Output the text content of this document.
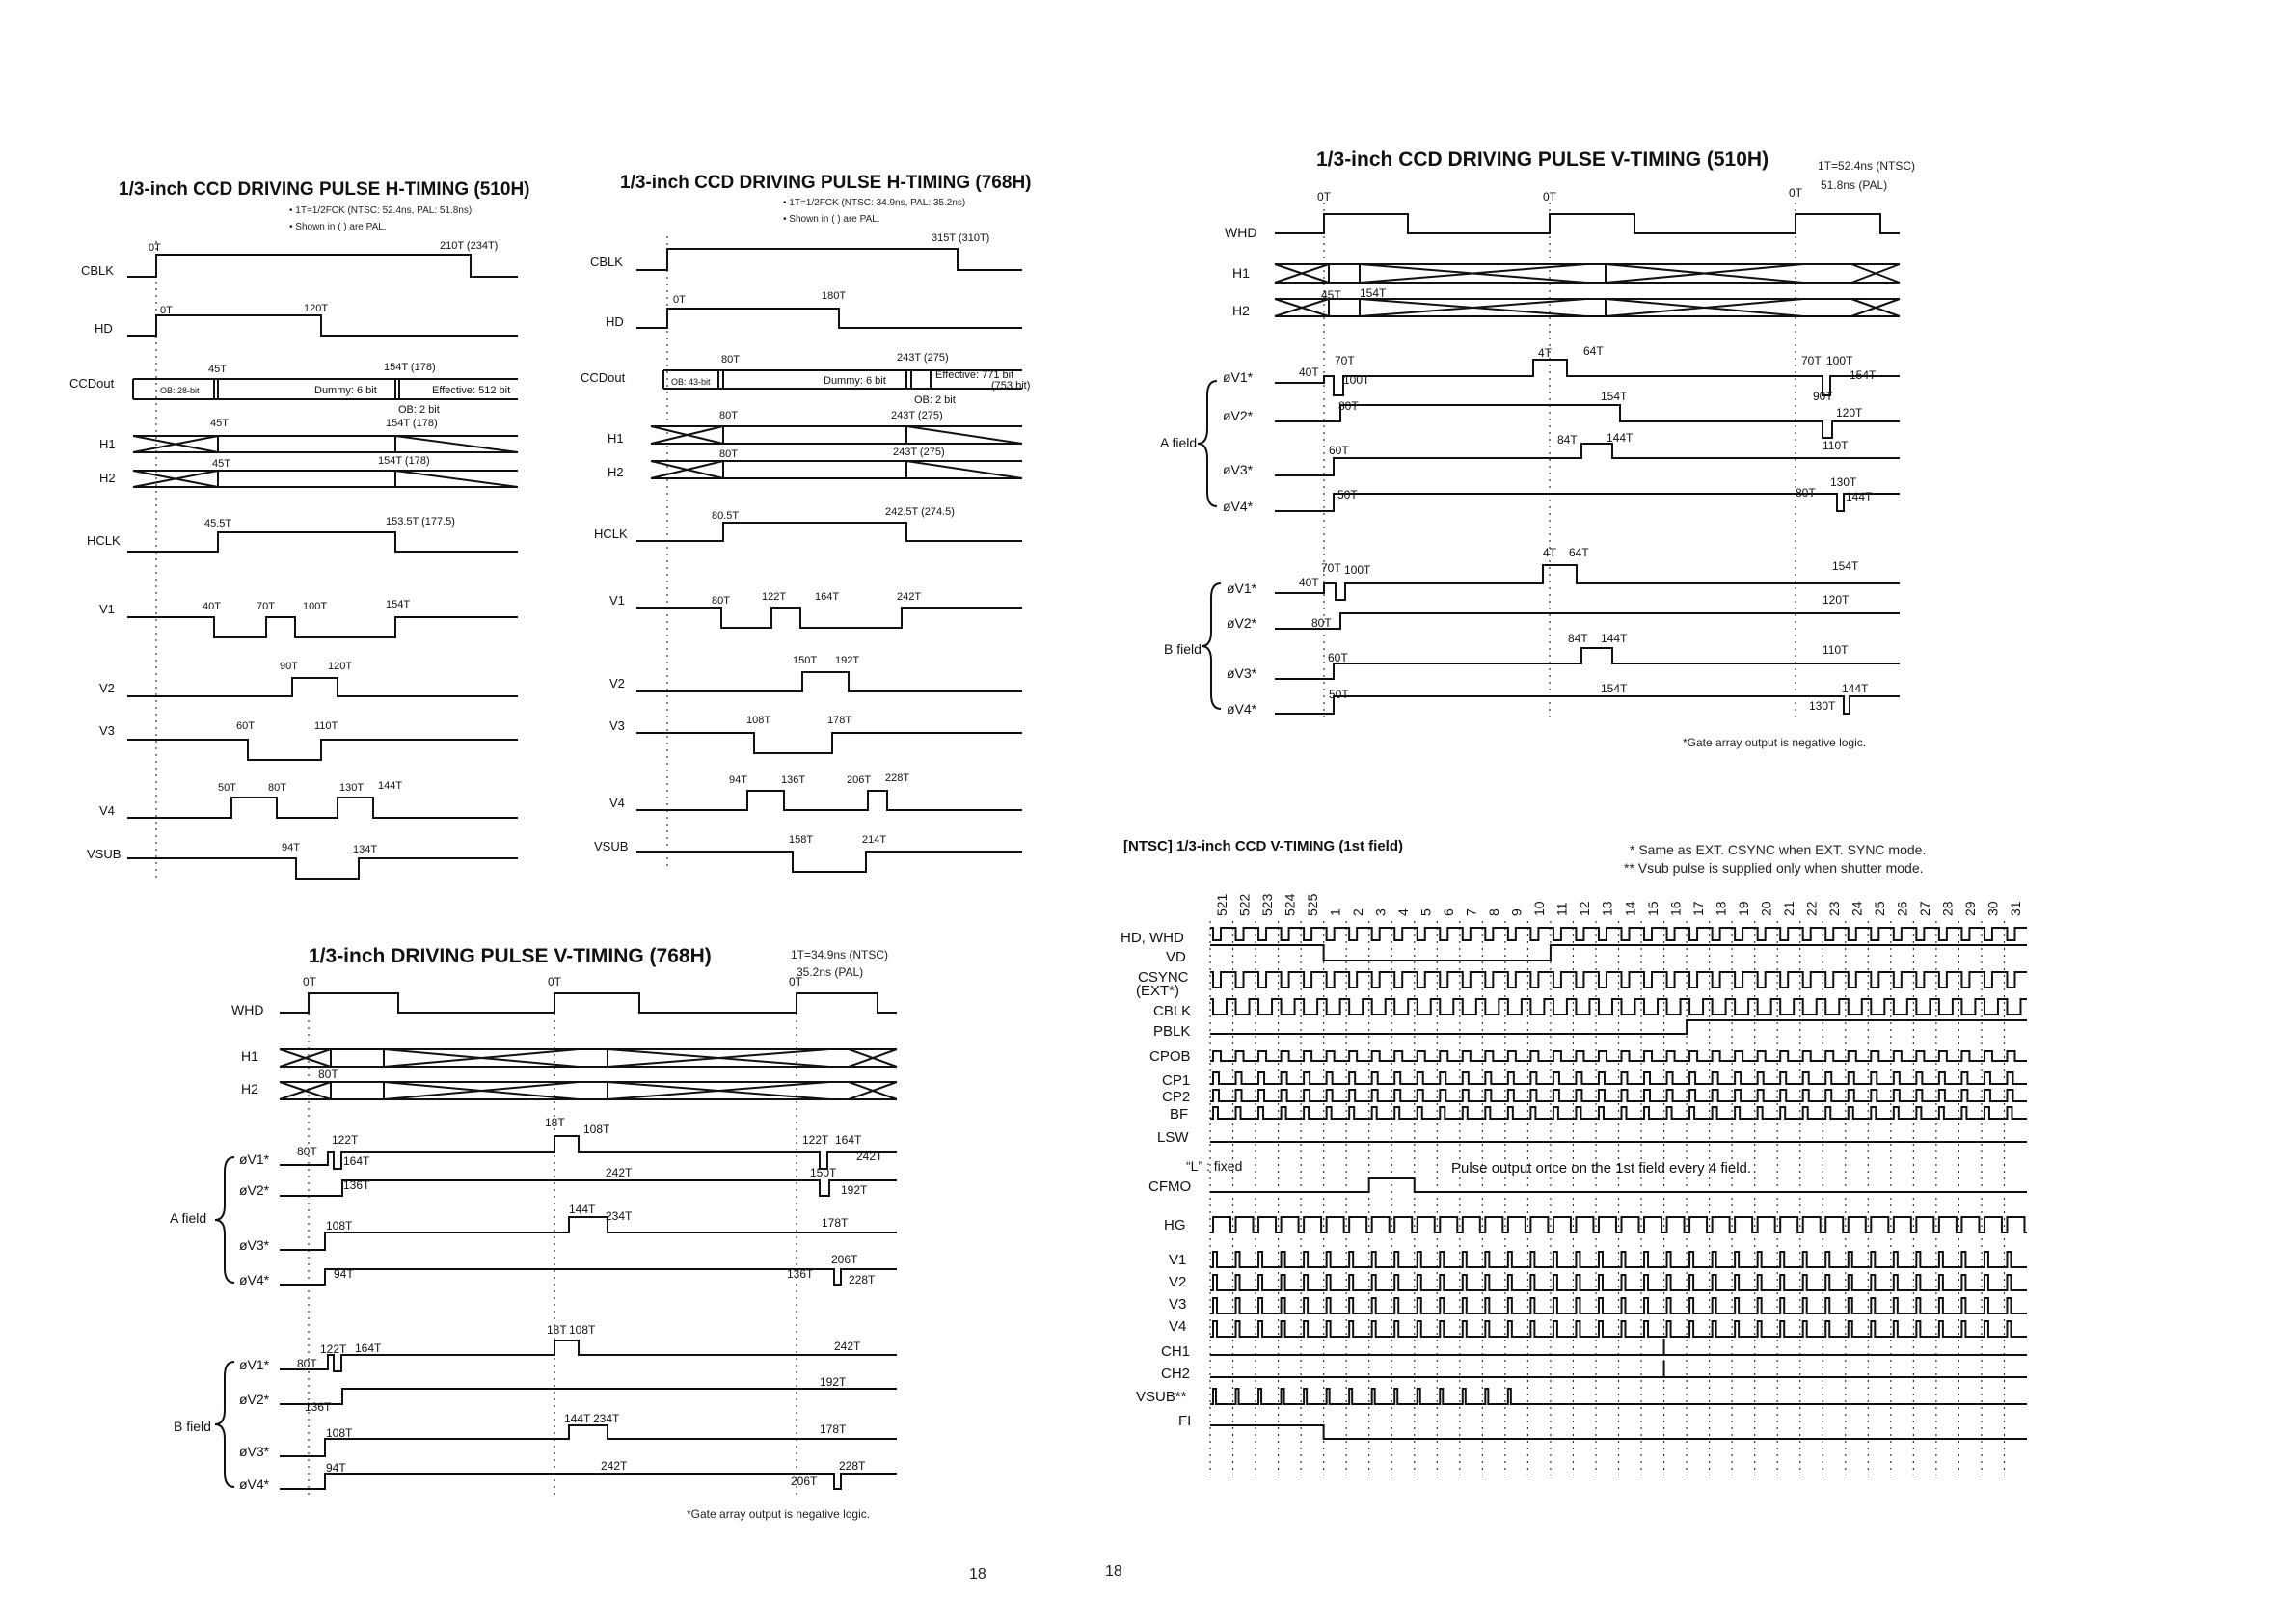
1/3-inch CCD DRIVING PULSE H-TIMING (510H)
• 1T=1/2FCK (NTSC: 52.4ns, PAL: 51.8ns)
• Shown in ( ) are PAL.
CBLK
HD
CCDout
H1
H2
HCLK
V1
V2
V3
V4
VSUB
0T	210T (234T)
0T	120T
45T	154T (178)
OB: 28-bit	Dummy: 6 bit	Effective: 512 bit
OB: 2 bit
45T	154T (178)
45T	154T (178)
45.5T	153.5T (177.5)
40T	70T	100T	154T
90T	120T
60T	110T
50T	80T	130T 144T
94T	134T
1/3-inch CCD DRIVING PULSE H-TIMING (768H)
• 1T=1/2FCK (NTSC: 34.9ns, PAL: 35.2ns)
• Shown in ( ) are PAL.
CBLK
HD
CCDout
H1
H2
HCLK
V1
V2
V3
V4
VSUB
315T (310T)
0T	180T
80T	243T (275)
OB: 43-bit	Dummy: 6 bit	Effective: 771 bit
(753 bit)
OB: 2 bit
80T	243T (275)
80T	243T (275)
80.5T	242.5T (274.5)
80T	122T	164T	242T
150T 192T
108T	178T
94T	136T	206T 228T
158T	214T
1/3-inch CCD DRIVING PULSE V-TIMING (510H)	1T=52.4ns (NTSC)
51.8ns (PAL)
WHD
H1
H2
øV1*
øV2*
øV3*
øV4*
øV1*
øV2*
øV3*
øV4*
A field
B field
0T	0T	0T
45T 154T
70T
40T
100T
4T	64T
70T 100T
154T
80T
154T	90T
120T
60T
84T	144T
110T
50T
130T
80T	144T
4T 64T
70T 100T
40T
154T
80T
120T
84T 144T
60T
110T
50T	154T	144T
130T
*Gate array output is negative logic.
1/3-inch DRIVING PULSE V-TIMING (768H)	1T=34.9ns (NTSC)
35.2ns (PAL)
WHD
H1
H2
øV1*
øV2*
øV3*
øV4*
øV1*
øV2*
øV3*
øV4*
A field
B field
0T	0T	0T
80T
18T 108T
122T
80T
164T
122T 164T
242T
136T
242T	150T
192T
144T 234T
108T	178T
206T
94T	136T	228T
18T 108T
122T 164T
80T
242T
192T
136T
144T 234T
108T	178T
94T	242T	228T
206T
*Gate array output is negative logic.
[NTSC] 1/3-inch CCD V-TIMING (1st field)	* Same as EXT. CSYNC when EXT. SYNC mode.
** Vsub pulse is supplied only when shutter mode.
521 522 523 524 525 1 2 3 4 5 6 7 8 9 10 11 12 13 14 15 16 17 18 19 20 21 22 23 24 25 26 27 28 29 30 31
HD, WHD
VD
CSYNC
(EXT*)
CBLK
PBLK
CPOB
CP1
CP2
BF
LSW
CFMO
HG
V1
V2
V3
V4
CH1
CH2
VSUB**
FI
“L” : fixed	Pulse output once on the 1st field every 4 field.
18	18
